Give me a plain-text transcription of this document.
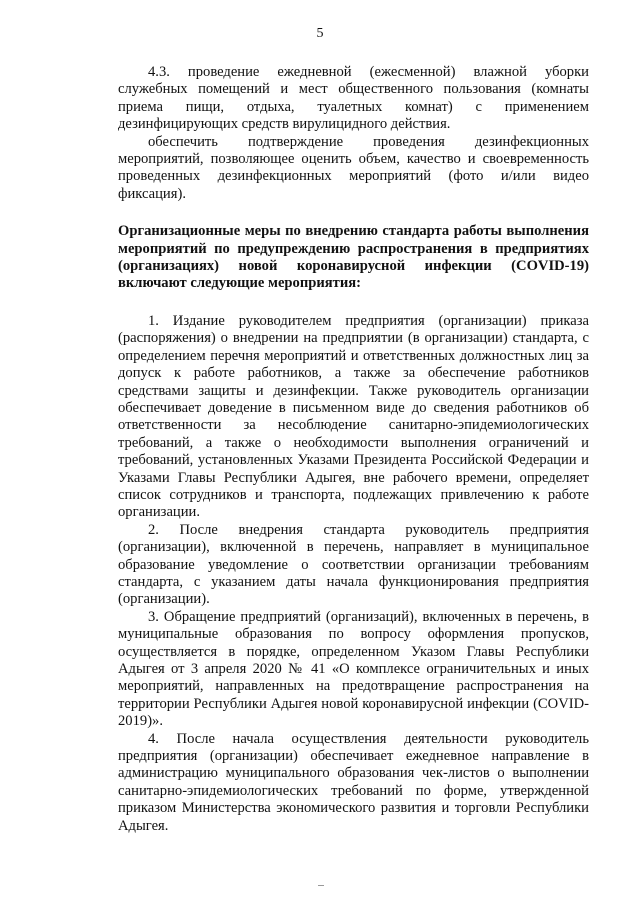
5

4.3. проведение ежедневной (ежесменной) влажной уборки служебных помещений и мест общественного пользования (комнаты приема пищи, отдыха, туалетных комнат) с применением дезинфицирующих средств вирулицидного действия.

обеспечить подтверждение проведения дезинфекционных мероприятий, позволяющее оценить объем, качество и своевременность проведенных дезинфекционных мероприятий (фото и/или видео фиксация).

Организационные меры по внедрению стандарта работы выполнения мероприятий по предупреждению распространения в предприятиях (организациях) новой коронавирусной инфекции (COVID-19) включают следующие мероприятия:

1. Издание руководителем предприятия (организации) приказа (распоряжения) о внедрении на предприятии (в организации) стандарта, с определением перечня мероприятий и ответственных должностных лиц за допуск к работе работников, а также за обеспечение работников средствами защиты и дезинфекции. Также руководитель организации обеспечивает доведение в письменном виде до сведения работников об ответственности за несоблюдение санитарно-эпидемиологических требований, а также о необходимости выполнения ограничений и требований, установленных Указами Президента Российской Федерации и Указами Главы Республики Адыгея, вне рабочего времени, определяет список сотрудников и транспорта, подлежащих привлечению к работе организации.

2. После внедрения стандарта руководитель предприятия (организации), включенной в перечень, направляет в муниципальное образование уведомление о соответствии организации требованиям стандарта, с указанием даты начала функционирования предприятия (организации).

3. Обращение предприятий (организаций), включенных в перечень, в муниципальные образования по вопросу оформления пропусков, осуществляется в порядке, определенном Указом Главы Республики Адыгея от 3 апреля 2020 № 41 «О комплексе ограничительных и иных мероприятий, направленных на предотвращение распространения на территории Республики Адыгея новой коронавирусной инфекции (COVID-2019)».

4. После начала осуществления деятельности руководитель предприятия (организации) обеспечивает ежедневное направление в администрацию муниципального образования чек-листов о выполнении санитарно-эпидемиологических требований по форме, утвержденной приказом Министерства экономического развития и торговли Республики Адыгея.
